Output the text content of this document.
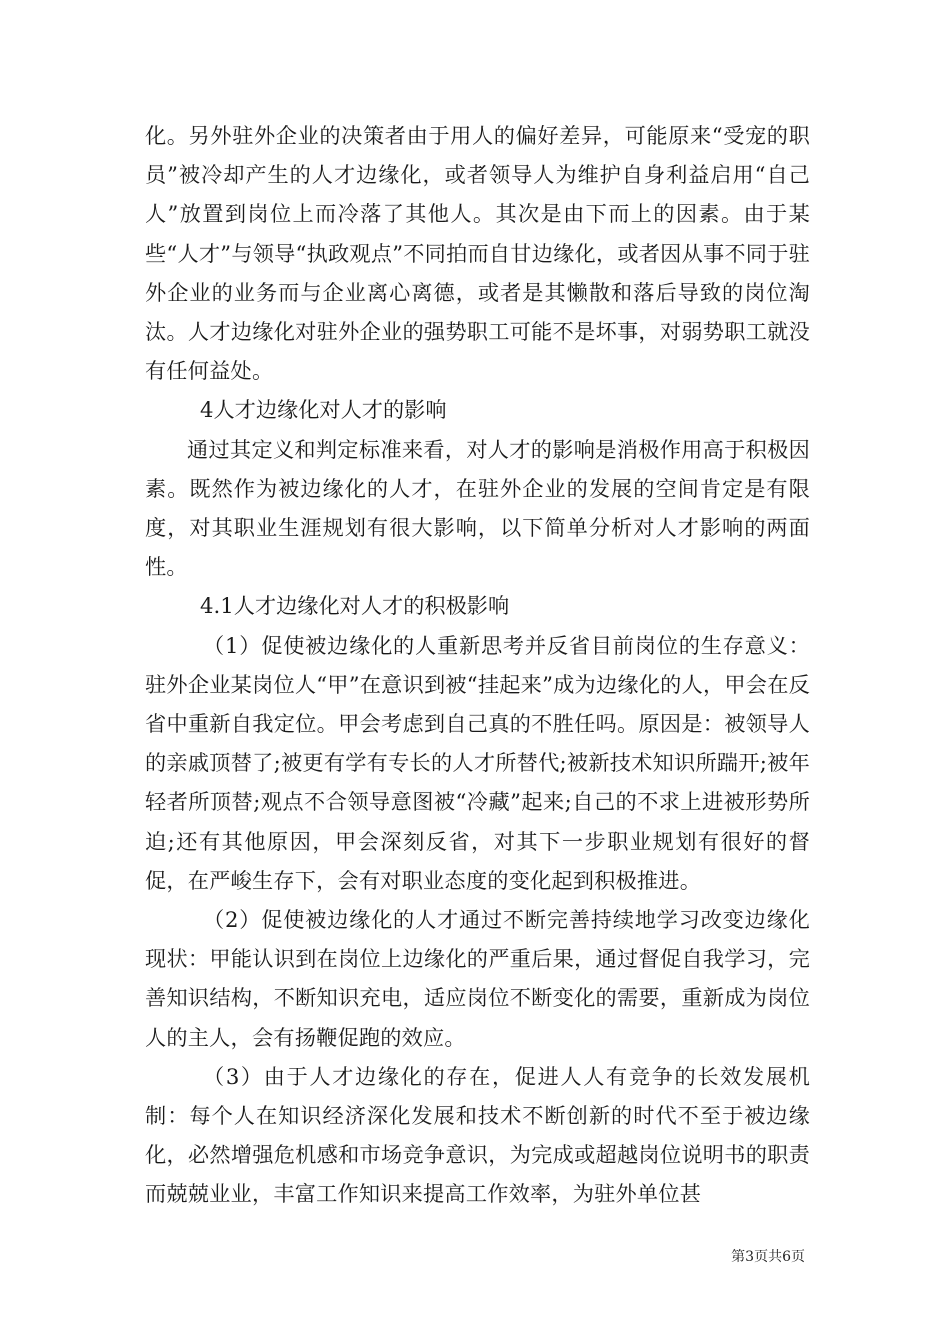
化。另外驻外企业的决策者由于用人的偏好差异，可能原来“受宠的职员”被冷却产生的人才边缘化，或者领导人为维护自身利益启用“自己人”放置到岗位上而冷落了其他人。其次是由下而上的因素。由于某些“人才”与领导“执政观点”不同拍而自甘边缘化，或者因从事不同于驻外企业的业务而与企业离心离德，或者是其懒散和落后导致的岗位淘汰。人才边缘化对驻外企业的强势职工可能不是坏事，对弱势职工就没有任何益处。

4人才边缘化对人才的影响

通过其定义和判定标准来看，对人才的影响是消极作用高于积极因素。既然作为被边缘化的人才，在驻外企业的发展的空间肯定是有限度，对其职业生涯规划有很大影响，以下简单分析对人才影响的两面性。

4.1人才边缘化对人才的积极影响

（1）促使被边缘化的人重新思考并反省目前岗位的生存意义：驻外企业某岗位人“甲”在意识到被“挂起来”成为边缘化的人，甲会在反省中重新自我定位。甲会考虑到自己真的不胜任吗。原因是：被领导人的亲戚顶替了;被更有学有专长的人才所替代;被新技术知识所踹开;被年轻者所顶替;观点不合领导意图被“冷藏”起来;自己的不求上进被形势所迫;还有其他原因，甲会深刻反省，对其下一步职业规划有很好的督促，在严峻生存下，会有对职业态度的变化起到积极推进。

（2）促使被边缘化的人才通过不断完善持续地学习改变边缘化现状：甲能认识到在岗位上边缘化的严重后果，通过督促自我学习，完善知识结构，不断知识充电，适应岗位不断变化的需要，重新成为岗位人的主人，会有扬鞭促跑的效应。

（3）由于人才边缘化的存在，促进人人有竞争的长效发展机制：每个人在知识经济深化发展和技术不断创新的时代不至于被边缘化，必然增强危机感和市场竞争意识，为完成或超越岗位说明书的职责而兢兢业业，丰富工作知识来提高工作效率，为驻外单位甚

第3页共6页
